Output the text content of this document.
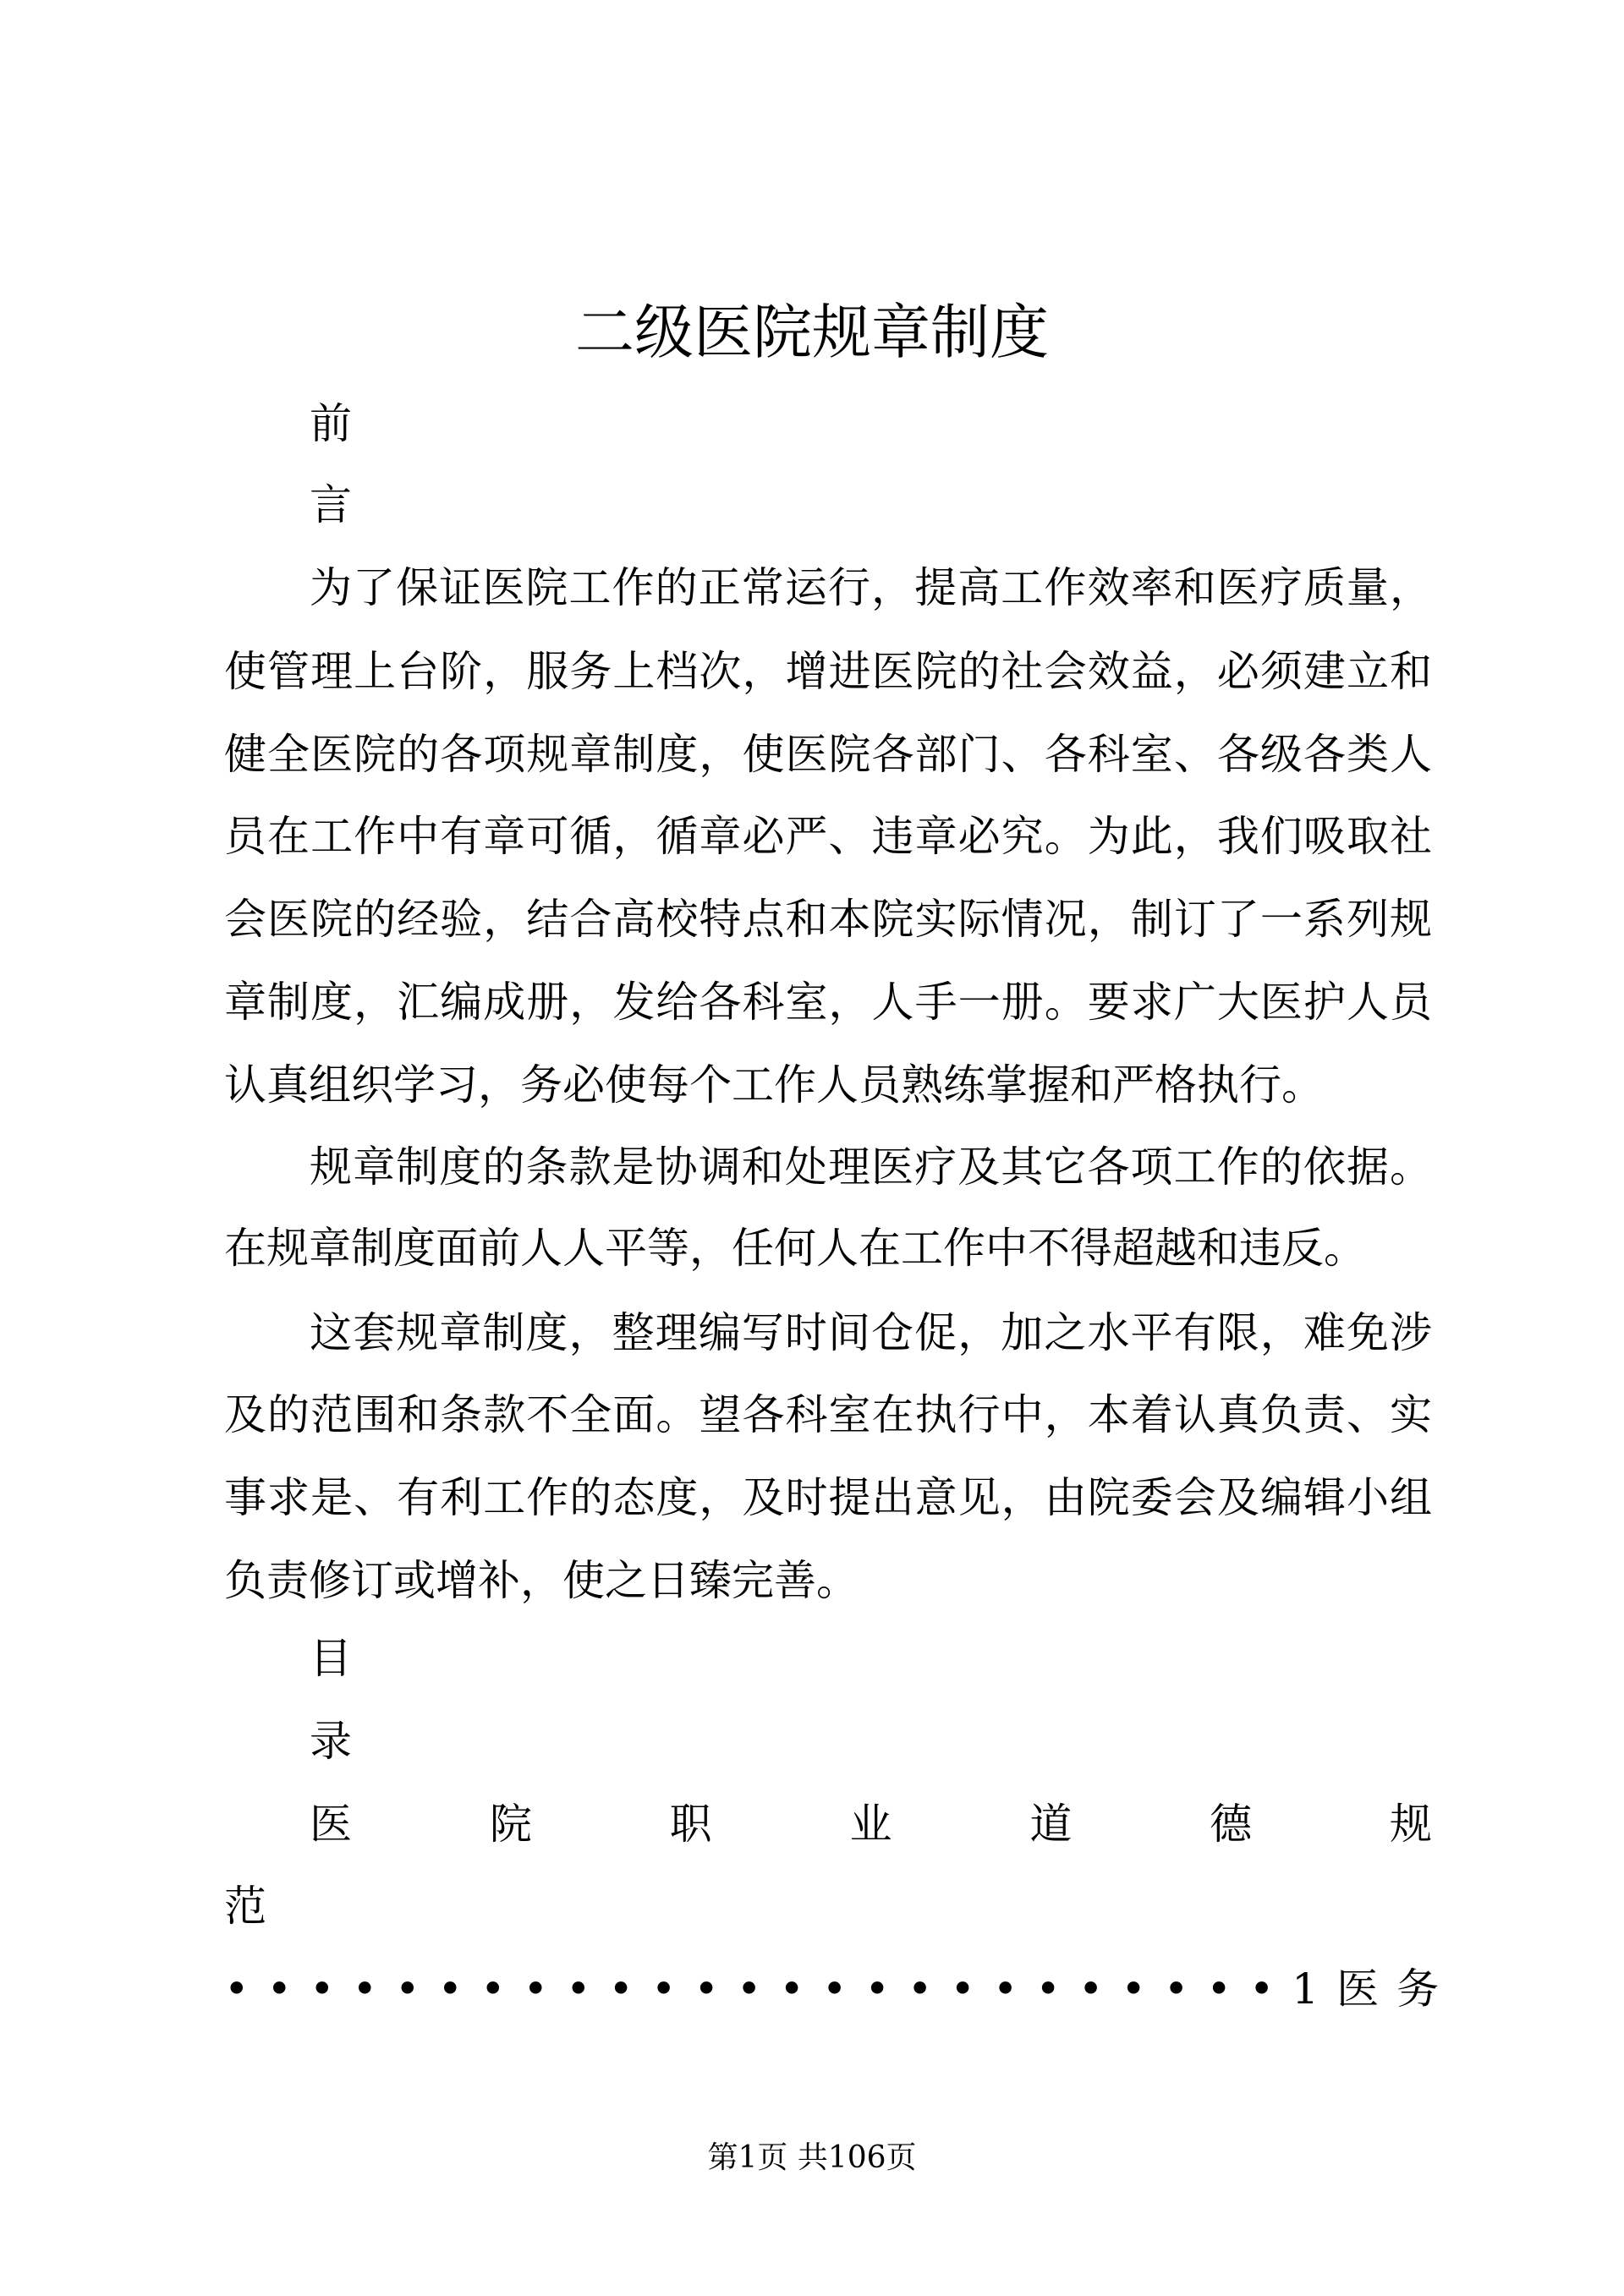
二级医院规章制度
前
言
为了保证医院工作的正常运行，提高工作效率和医疗质量，
使管理上台阶，服务上档次，增进医院的社会效益，必须建立和
健全医院的各项规章制度，使医院各部门、各科室、各级各类人
员在工作中有章可循，循章必严、违章必究。为此，我们吸取社
会医院的经验，结合高校特点和本院实际情况，制订了一系列规
章制度，汇编成册，发给各科室，人手一册。要求广大医护人员
认真组织学习，务必使每个工作人员熟练掌握和严格执行。
规章制度的条款是协调和处理医疗及其它各项工作的依据。
在规章制度面前人人平等，任何人在工作中不得超越和违反。
这套规章制度，整理编写时间仓促，加之水平有限，难免涉
及的范围和条款不全面。望各科室在执行中，本着认真负责、实
事求是、有利工作的态度，及时提出意见，由院委会及编辑小组
负责修订或增补，使之日臻完善。
目
录
医 院 职 业 道 德 规
范
•••••••••••••••••••••••••1医务
第1页 共106页
